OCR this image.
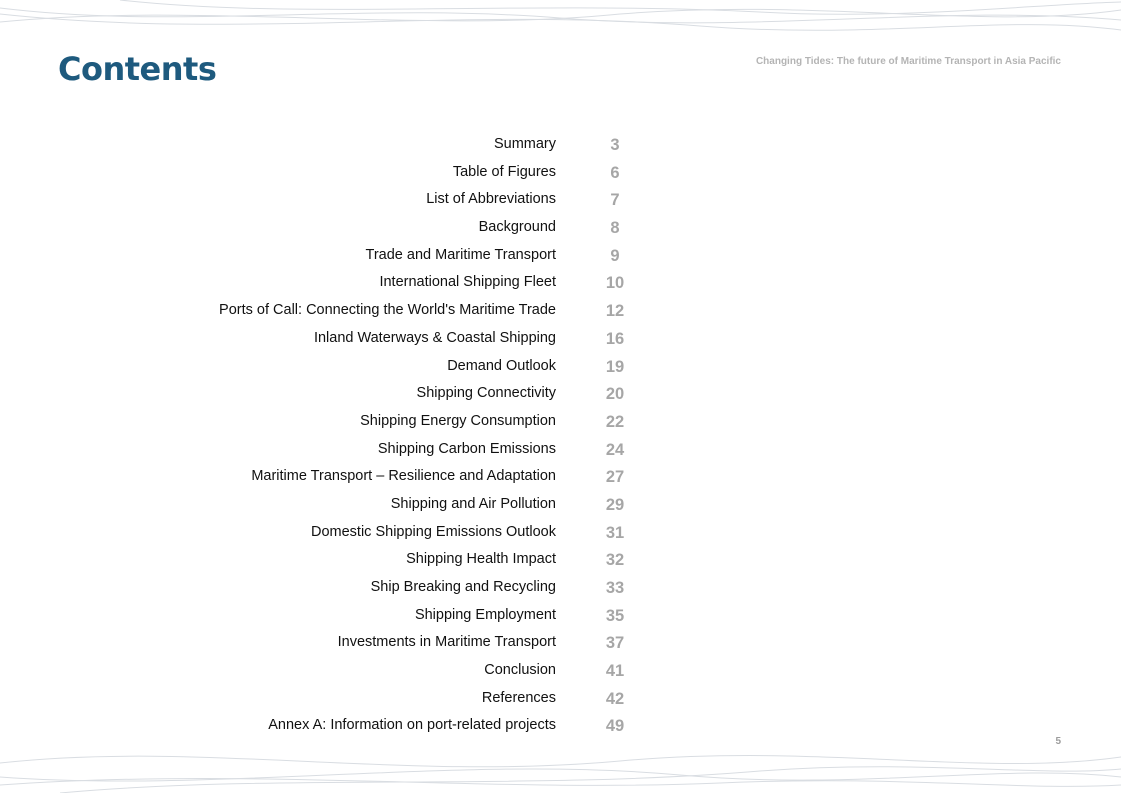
Contents	Changing Tides: The future of Maritime Transport in Asia Pacific
Summary	3
Table of Figures	6
List of Abbreviations	7
Background	8
Trade and Maritime Transport	9
International Shipping Fleet	10
Ports of Call: Connecting the World's Maritime Trade	12
Inland Waterways & Coastal Shipping	16
Demand Outlook	19
Shipping Connectivity	20
Shipping Energy Consumption	22
Shipping Carbon Emissions	24
Maritime Transport – Resilience and Adaptation	27
Shipping and Air Pollution	29
Domestic Shipping Emissions Outlook	31
Shipping Health Impact	32
Ship Breaking and Recycling	33
Shipping Employment	35
Investments in Maritime Transport	37
Conclusion	41
References	42
Annex A: Information on port-related projects	49
5
